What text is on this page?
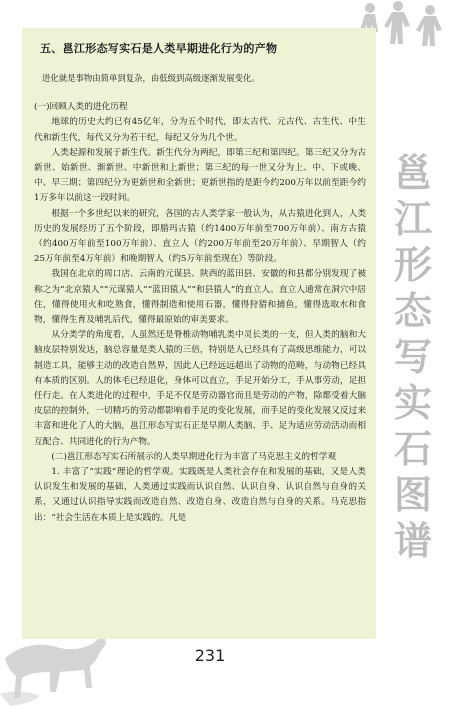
五、邕江形态写实石是人类早期进化行为的产物
进化就是事物由简单到复杂，由低级到高级逐渐发展变化。

(一)回顾人类的进化历程

地球的历史大约已有45亿年，分为五个时代，即太古代、元古代、古生代、中生代和新生代，每代又分为若干纪，每纪又分为几个世。

人类起源和发展于新生代。新生代分为两纪，即第三纪和第四纪。第三纪又分为古新世、始新世、渐新世、中新世和上新世；第三纪的每一世又分为上、中、下或晚、中、早三期；第四纪分为更新世和全新世；更新世指的是距今约200万年以前至距今约1万多年以前这一段时间。

根据一个多世纪以来的研究，各国的古人类学家一般认为，从古猿进化到人，人类历史的发展经历了五个阶段，即腊玛古猿（约1400万年前至700万年前）、南方古猿（约400万年前至100万年前）、直立人（约200万年前至20万年前）、早期智人（约25万年前至4万年前）和晚期智人（约5万年前至现在）等阶段。

我国在北京的周口店、云南的元谋县、陕西的蓝田县、安徽的和县都分别发现了被称之为“北京猿人”“元谋猿人”“蓝田猿人”“和县猿人”的直立人。直立人通常在洞穴中居住，懂得使用火和吃熟食，懂得制造和使用石器，懂得狩猎和捕鱼，懂得选取水和食物，懂得生育及哺乳后代，懂得最原始的审美要求。

从分类学的角度看，人虽然还是脊椎动物哺乳类中灵长类的一支，但人类的脑和大脑皮层特别发达，脑总容量是类人猿的三倍，特别是人已经具有了高级思维能力，可以制造工具，能够主动的改造自然界，因此人已经远远超出了动物的范畴，与动物已经具有本质的区别。人的体毛已经退化，身体可以直立，手足开始分工，手从事劳动，足担任行走。在人类进化的过程中，手足不仅是劳动器官而且是劳动的产物，除都受着大脑皮层的控制外，一切精巧的劳动都影响着手足的变化发展，而手足的变化发展又反过来丰富和进化了人的大脑，邕江形态写实石正是早期人类脑、手、足为适应劳动活动而相互配合、共同进化的行为产物。

(二)邕江形态写实石所展示的人类早期进化行为丰富了马克思主义的哲学观

1. 丰富了“实践”理论的哲学观。实践既是人类社会存在和发展的基础，又是人类认识发生和发展的基础，人类通过实践而认识自然、认识自身、认识自然与自身的关系，又通过认识指导实践而改造自然、改造自身、改造自然与自身的关系。马克思指出：“社会生活在本质上是实践的。凡是

邕
江
形
态
写
实
石
图
谱
231
